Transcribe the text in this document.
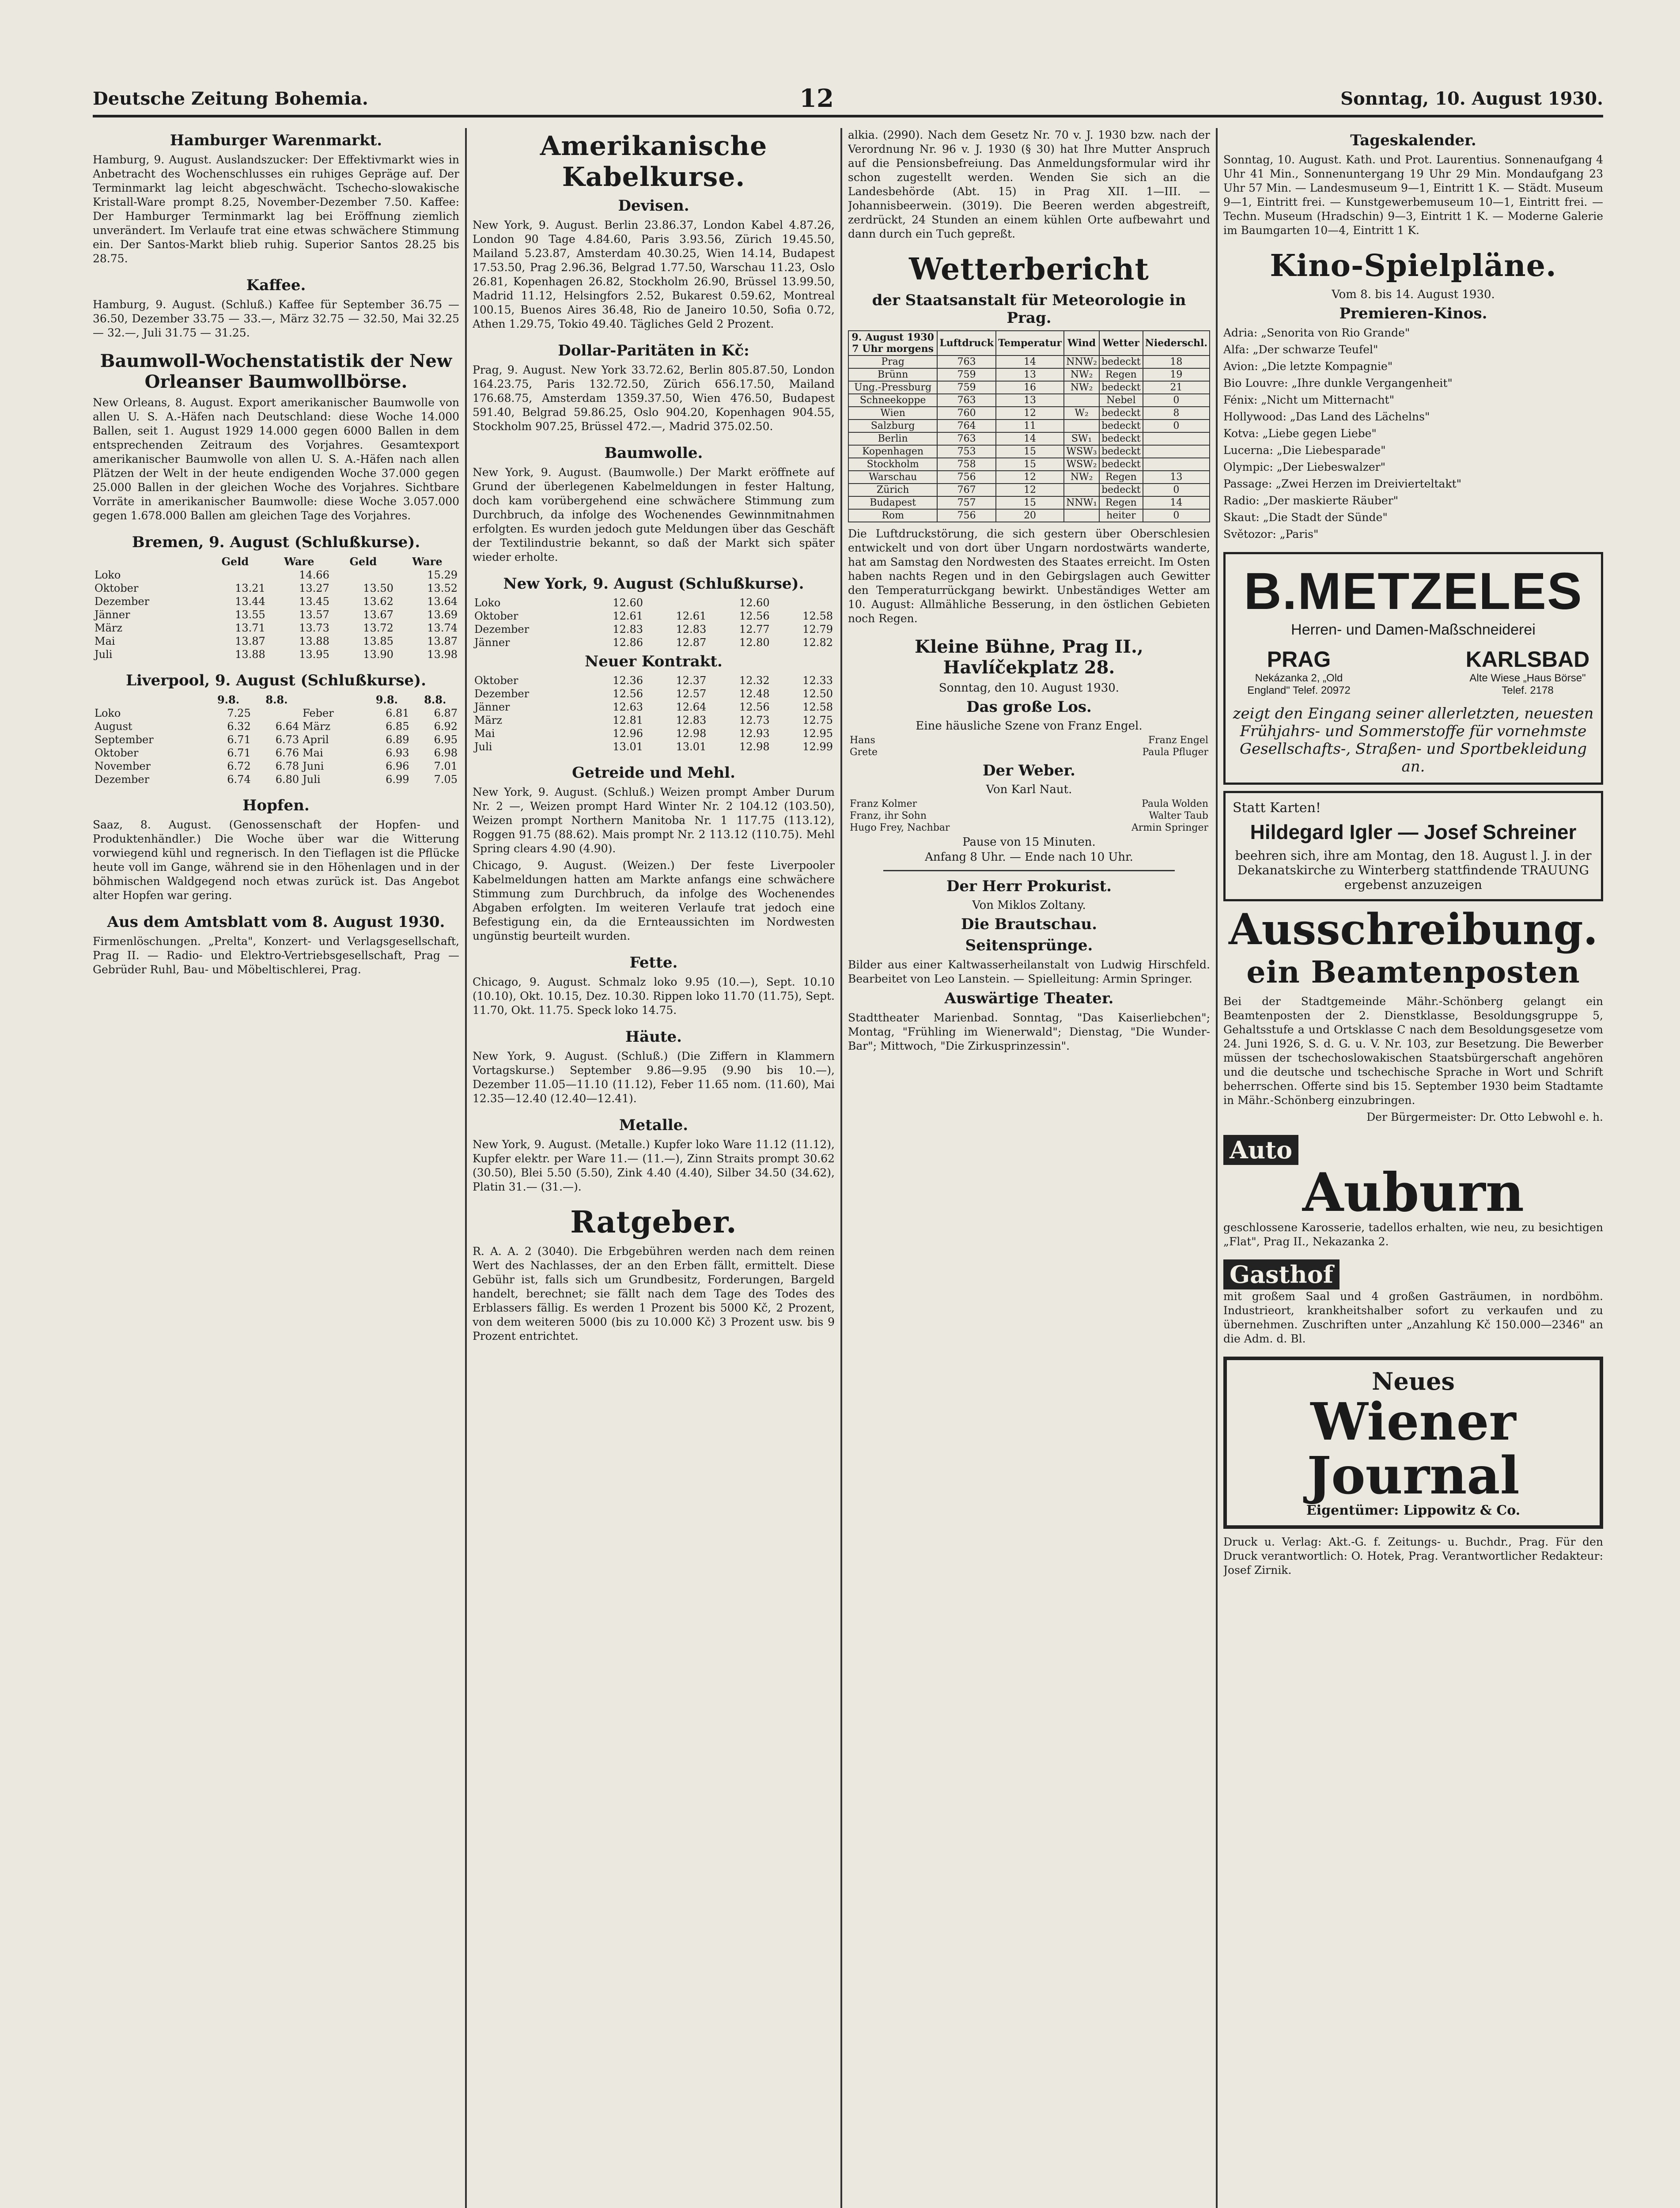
Deutsche Zeitung Bohemia.	12	Sonntag, 10. August 1930.
Hamburger Warenmarkt.

Hamburg, 9. August. Auslandszucker: Der Effektivmarkt wies in Anbetracht des Wochenschlusses ein ruhiges Gepräge auf. Der Terminmarkt lag leicht abgeschwächt. Tschecho-slowakische Kristall-Ware prompt 8.25, November-Dezember 7.50. Kaffee: Der Hamburger Terminmarkt lag bei Eröffnung ziemlich unverändert. Im Verlaufe trat eine etwas schwächere Stimmung ein. Der Santos-Markt blieb ruhig. Superior Santos 28.25 bis 28.75.

Kaffee.

Hamburg, 9. August. (Schluß.) Kaffee für September 36.75 — 36.50, Dezember 33.75 — 33.—, März 32.75 — 32.50, Mai 32.25 — 32.—, Juli 31.75 — 31.25.

Baumwoll-Wochenstatistik der New Orleanser Baumwollbörse.

New Orleans, 8. August. Export amerikanischer Baumwolle von allen U. S. A.-Häfen nach Deutschland: diese Woche 14.000 Ballen, seit 1. August 1929 14.000 gegen 6000 Ballen in dem entsprechenden Zeitraum des Vorjahres. Gesamtexport amerikanischer Baumwolle von allen U. S. A.-Häfen nach allen Plätzen der Welt in der heute endigenden Woche 37.000 gegen 25.000 Ballen in der gleichen Woche des Vorjahres. Sichtbare Vorräte in amerikanischer Baumwolle: diese Woche 3.057.000 gegen 1.678.000 Ballen am gleichen Tage des Vorjahres.

Bremen, 9. August (Schlußkurse).
	Geld	Ware	Geld	Ware
Loko		14.66		15.29
Oktober	13.21	13.27	13.50	13.52
Dezember	13.44	13.45	13.62	13.64
Jänner	13.55	13.57	13.67	13.69
März	13.71	13.73	13.72	13.74
Mai	13.87	13.88	13.85	13.87
Juli	13.88	13.95	13.90	13.98
Liverpool, 9. August (Schlußkurse).
	9.8.	8.8.		9.8.	8.8.
Loko	7.25		Feber	6.81	6.87
August	6.32	6.64	März	6.85	6.92
September	6.71	6.73	April	6.89	6.95
Oktober	6.71	6.76	Mai	6.93	6.98
November	6.72	6.78	Juni	6.96	7.01
Dezember	6.74	6.80	Juli	6.99	7.05
Hopfen.

Saaz, 8. August. (Genossenschaft der Hopfen- und Produktenhändler.) Die Woche über war die Witterung vorwiegend kühl und regnerisch. In den Tieflagen ist die Pflücke heute voll im Gange, während sie in den Höhenlagen und in der böhmischen Waldgegend noch etwas zurück ist. Das Angebot alter Hopfen war gering.

Aus dem Amtsblatt vom 8. August 1930.

Firmenlöschungen. „Prelta", Konzert- und Verlagsgesellschaft, Prag II. — Radio- und Elektro-Vertriebsgesellschaft, Prag — Gebrüder Ruhl, Bau- und Möbeltischlerei, Prag.

Amerikanische Kabelkurse.
Devisen.

New York, 9. August. Berlin 23.86.37, London Kabel 4.87.26, London 90 Tage 4.84.60, Paris 3.93.56, Zürich 19.45.50, Mailand 5.23.87, Amsterdam 40.30.25, Wien 14.14, Budapest 17.53.50, Prag 2.96.36, Belgrad 1.77.50, Warschau 11.23, Oslo 26.81, Kopenhagen 26.82, Stockholm 26.90, Brüssel 13.99.50, Madrid 11.12, Helsingfors 2.52, Bukarest 0.59.62, Montreal 100.15, Buenos Aires 36.48, Rio de Janeiro 10.50, Sofia 0.72, Athen 1.29.75, Tokio 49.40. Tägliches Geld 2 Prozent.

Dollar-Paritäten in Kč:

Prag, 9. August. New York 33.72.62, Berlin 805.87.50, London 164.23.75, Paris 132.72.50, Zürich 656.17.50, Mailand 176.68.75, Amsterdam 1359.37.50, Wien 476.50, Budapest 591.40, Belgrad 59.86.25, Oslo 904.20, Kopenhagen 904.55, Stockholm 907.25, Brüssel 472.—, Madrid 375.02.50.

Baumwolle.

New York, 9. August. (Baumwolle.) Der Markt eröffnete auf Grund der überlegenen Kabelmeldungen in fester Haltung, doch kam vorübergehend eine schwächere Stimmung zum Durchbruch, da infolge des Wochenendes Gewinnmitnahmen erfolgten. Es wurden jedoch gute Meldungen über das Geschäft der Textilindustrie bekannt, so daß der Markt sich später wieder erholte.

New York, 9. August (Schlußkurse).
Loko	12.60		12.60	
Oktober	12.61	12.61	12.56	12.58
Dezember	12.83	12.83	12.77	12.79
Jänner	12.86	12.87	12.80	12.82
Neuer Kontrakt.
Oktober	12.36	12.37	12.32	12.33
Dezember	12.56	12.57	12.48	12.50
Jänner	12.63	12.64	12.56	12.58
März	12.81	12.83	12.73	12.75
Mai	12.96	12.98	12.93	12.95
Juli	13.01	13.01	12.98	12.99
Getreide und Mehl.

New York, 9. August. (Schluß.) Weizen prompt Amber Durum Nr. 2 —, Weizen prompt Hard Winter Nr. 2 104.12 (103.50), Weizen prompt Northern Manitoba Nr. 1 117.75 (113.12), Roggen 91.75 (88.62). Mais prompt Nr. 2 113.12 (110.75). Mehl Spring clears 4.90 (4.90).

Chicago, 9. August. (Weizen.) Der feste Liverpooler Kabelmeldungen hatten am Markte anfangs eine schwächere Stimmung zum Durchbruch, da infolge des Wochenendes Abgaben erfolgten. Im weiteren Verlaufe trat jedoch eine Befestigung ein, da die Ernteaussichten im Nordwesten ungünstig beurteilt wurden.

Fette.

Chicago, 9. August. Schmalz loko 9.95 (10.—), Sept. 10.10 (10.10), Okt. 10.15, Dez. 10.30. Rippen loko 11.70 (11.75), Sept. 11.70, Okt. 11.75. Speck loko 14.75.

Häute.

New York, 9. August. (Schluß.) (Die Ziffern in Klammern Vortagskurse.) September 9.86—9.95 (9.90 bis 10.—), Dezember 11.05—11.10 (11.12), Feber 11.65 nom. (11.60), Mai 12.35—12.40 (12.40—12.41).

Metalle.

New York, 9. August. (Metalle.) Kupfer loko Ware 11.12 (11.12), Kupfer elektr. per Ware 11.— (11.—), Zinn Straits prompt 30.62 (30.50), Blei 5.50 (5.50), Zink 4.40 (4.40), Silber 34.50 (34.62), Platin 31.— (31.—).

Ratgeber.

R. A. A. 2 (3040). Die Erbgebühren werden nach dem reinen Wert des Nachlasses, der an den Erben fällt, ermittelt. Diese Gebühr ist, falls sich um Grundbesitz, Forderungen, Bargeld handelt, berechnet; sie fällt nach dem Tage des Todes des Erblassers fällig. Es werden 1 Prozent bis 5000 Kč, 2 Prozent, von dem weiteren 5000 (bis zu 10.000 Kč) 3 Prozent usw. bis 9 Prozent entrichtet.

alkia. (2990). Nach dem Gesetz Nr. 70 v. J. 1930 bzw. nach der Verordnung Nr. 96 v. J. 1930 (§ 30) hat Ihre Mutter Anspruch auf die Pensionsbefreiung. Das Anmeldungsformular wird ihr schon zugestellt werden. Wenden Sie sich an die Landesbehörde (Abt. 15) in Prag XII. 1—III. — Johannisbeerwein. (3019). Die Beeren werden abgestreift, zerdrückt, 24 Stunden an einem kühlen Orte aufbewahrt und dann durch ein Tuch gepreßt.

Wetterbericht
der Staatsanstalt für Meteorologie in Prag.
9. August 1930 7 Uhr morgens	Luftdruck	Temperatur	Wind	Wetter	Niederschl.
Prag	763	14	NNW₂	bedeckt	18
Brünn	759	13	NW₂	Regen	19
Ung.-Pressburg	759	16	NW₂	bedeckt	21
Schneekoppe	763	13		Nebel	0
Wien	760	12	W₂	bedeckt	8
Salzburg	764	11		bedeckt	0
Berlin	763	14	SW₁	bedeckt	
Kopenhagen	753	15	WSW₃	bedeckt	
Stockholm	758	15	WSW₂	bedeckt	
Warschau	756	12	NW₂	Regen	13
Zürich	767	12		bedeckt	0
Budapest	757	15	NNW₁	Regen	14
Rom	756	20		heiter	0

Die Luftdruckstörung, die sich gestern über Oberschlesien entwickelt und von dort über Ungarn nordostwärts wanderte, hat am Samstag den Nordwesten des Staates erreicht. Im Osten haben nachts Regen und in den Gebirgslagen auch Gewitter den Temperaturrückgang bewirkt. Unbeständiges Wetter am 10. August: Allmähliche Besserung, in den östlichen Gebieten noch Regen.

Kleine Bühne, Prag II., Havlíčekplatz 28.
Sonntag, den 10. August 1930.
Das große Los.
Eine häusliche Szene von Franz Engel.
Hans	Franz Engel
Grete	Paula Pfluger
Der Weber.
Von Karl Naut.
Franz Kolmer	Paula Wolden
Franz, ihr Sohn	Walter Taub
Hugo Frey, Nachbar	Armin Springer
Pause von 15 Minuten.
Anfang 8 Uhr. — Ende nach 10 Uhr.
Der Herr Prokurist.
Von Miklos Zoltany.
Die Brautschau.
Seitensprünge.

Bilder aus einer Kaltwasserheilanstalt von Ludwig Hirschfeld. Bearbeitet von Leo Lanstein. — Spielleitung: Armin Springer.

Auswärtige Theater.

Stadttheater Marienbad. Sonntag, "Das Kaiserliebchen"; Montag, "Frühling im Wienerwald"; Dienstag, "Die Wunder-Bar"; Mittwoch, "Die Zirkusprinzessin".

Tageskalender.

Sonntag, 10. August. Kath. und Prot. Laurentius. Sonnenaufgang 4 Uhr 41 Min., Sonnenuntergang 19 Uhr 29 Min. Mondaufgang 23 Uhr 57 Min. — Landesmuseum 9—1, Eintritt 1 K. — Städt. Museum 9—1, Eintritt frei. — Kunstgewerbemuseum 10—1, Eintritt frei. — Techn. Museum (Hradschin) 9—3, Eintritt 1 K. — Moderne Galerie im Baumgarten 10—4, Eintritt 1 K.

Kino-Spielpläne.
Vom 8. bis 14. August 1930.
Premieren-Kinos.

Adria: „Senorita von Rio Grande"

Alfa: „Der schwarze Teufel"

Avion: „Die letzte Kompagnie"

Bio Louvre: „Ihre dunkle Vergangenheit"

Fénix: „Nicht um Mitternacht"

Hollywood: „Das Land des Lächelns"

Kotva: „Liebe gegen Liebe"

Lucerna: „Die Liebesparade"

Olympic: „Der Liebeswalzer"

Passage: „Zwei Herzen im Dreivierteltakt"

Radio: „Der maskierte Räuber"

Skaut: „Die Stadt der Sünde"

Světozor: „Paris"

B.METZELES
Herren- und Damen-Maßschneiderei
PRAG
Nekázanka 2, „Old England" Telef. 20972
KARLSBAD
Alte Wiese „Haus Börse" Telef. 2178
zeigt den Eingang seiner allerletzten, neuesten Frühjahrs- und Sommerstoffe für vornehmste Gesellschafts-, Straßen- und Sportbekleidung an.
Statt Karten!
Hildegard Igler — Josef Schreiner
beehren sich, ihre am Montag, den 18. August l. J. in der Dekanatskirche zu Winterberg stattfindende TRAUUNG ergebenst anzuzeigen
Ausschreibung.
ein Beamtenposten

Bei der Stadtgemeinde Mähr.-Schönberg gelangt ein Beamtenposten der 2. Dienstklasse, Besoldungsgruppe 5, Gehaltsstufe a und Ortsklasse C nach dem Besoldungsgesetze vom 24. Juni 1926, S. d. G. u. V. Nr. 103, zur Besetzung. Die Bewerber müssen der tschechoslowakischen Staatsbürgerschaft angehören und die deutsche und tschechische Sprache in Wort und Schrift beherrschen. Offerte sind bis 15. September 1930 beim Stadtamte in Mähr.-Schönberg einzubringen.

Der Bürgermeister: Dr. Otto Lebwohl e. h.

Auto
Auburn

geschlossene Karosserie, tadellos erhalten, wie neu, zu besichtigen „Flat", Prag II., Nekazanka 2.

Gasthof

mit großem Saal und 4 großen Gasträumen, in nordböhm. Industrieort, krankheitshalber sofort zu verkaufen und zu übernehmen. Zuschriften unter „Anzahlung Kč 150.000—2346" an die Adm. d. Bl.

Neues
Wiener Journal
Eigentümer: Lippowitz & Co.

Druck u. Verlag: Akt.-G. f. Zeitungs- u. Buchdr., Prag. Für den Druck verantwortlich: O. Hotek, Prag. Verantwortlicher Redakteur: Josef Zirnik.
